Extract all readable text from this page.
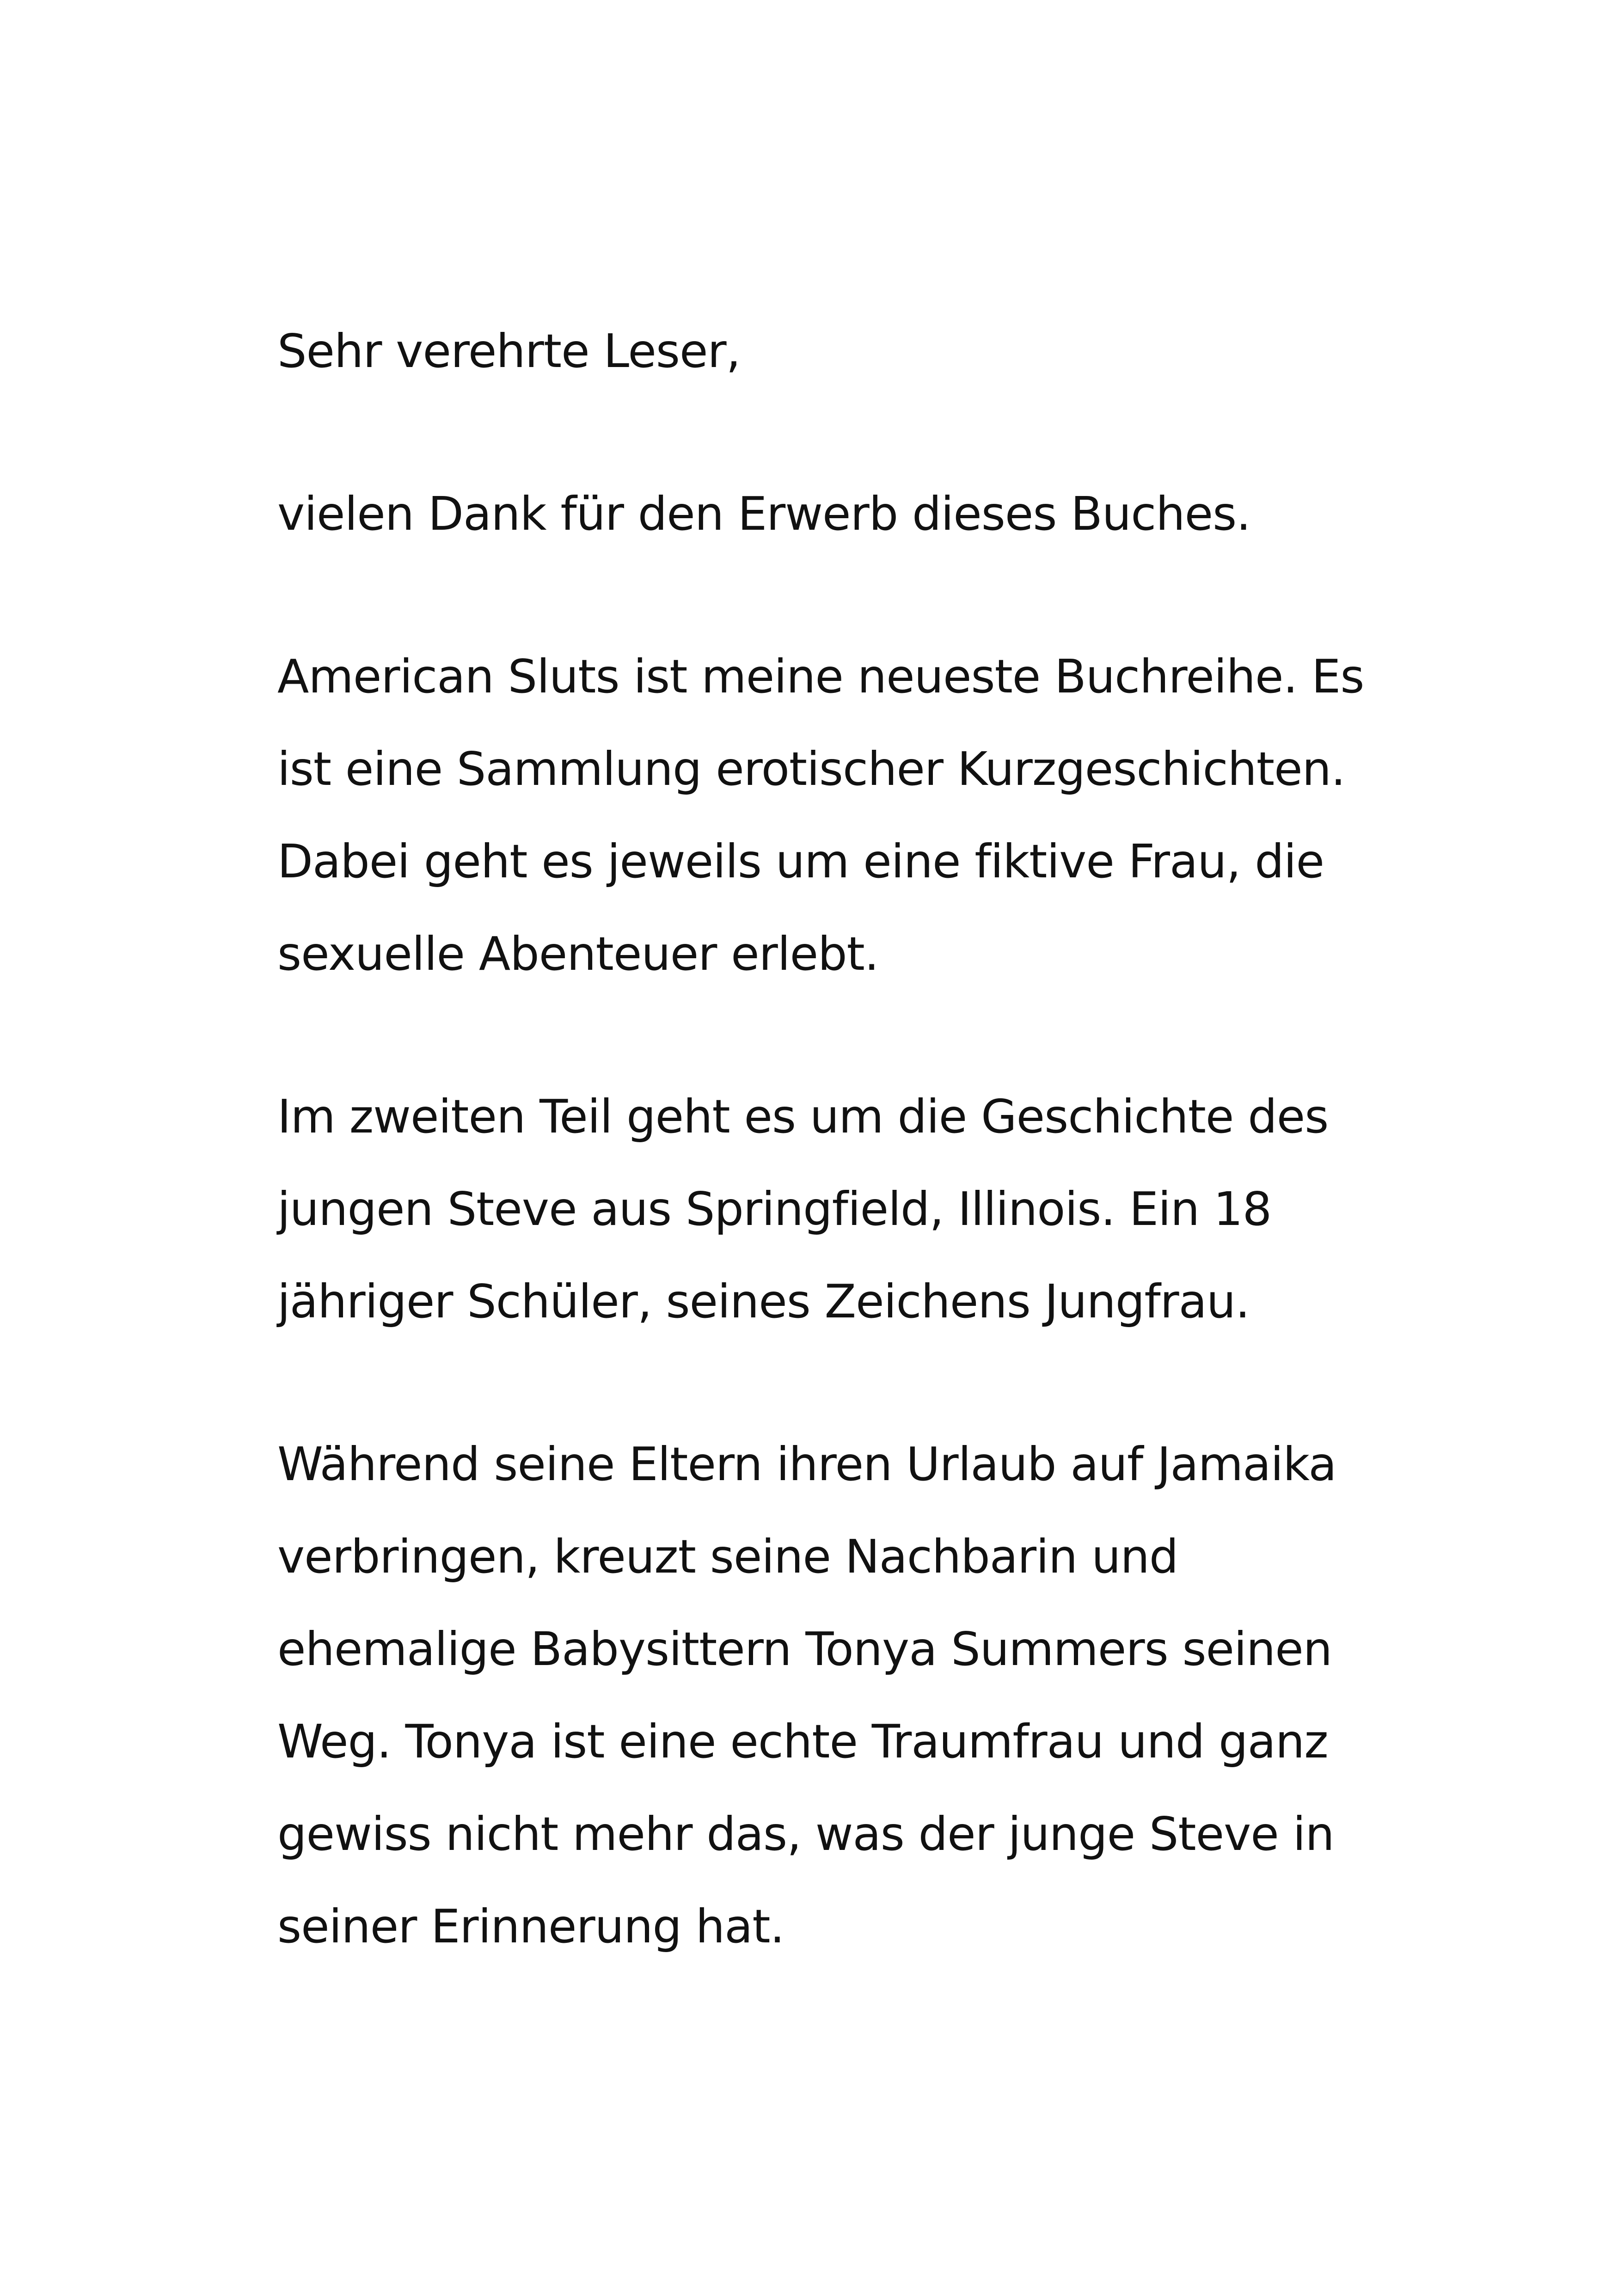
Sehr verehrte Leser,
vielen Dank für den Erwerb dieses Buches.
American Sluts ist meine neueste Buchreihe. Es
ist eine Sammlung erotischer Kurzgeschichten.
Dabei geht es jeweils um eine fiktive Frau, die
sexuelle Abenteuer erlebt.
Im zweiten Teil geht es um die Geschichte des
jungen Steve aus Springfield, Illinois. Ein 18
jähriger Schüler, seines Zeichens Jungfrau.
Während seine Eltern ihren Urlaub auf Jamaika
verbringen, kreuzt seine Nachbarin und
ehemalige Babysittern Tonya Summers seinen
Weg. Tonya ist eine echte Traumfrau und ganz
gewiss nicht mehr das, was der junge Steve in
seiner Erinnerung hat.
